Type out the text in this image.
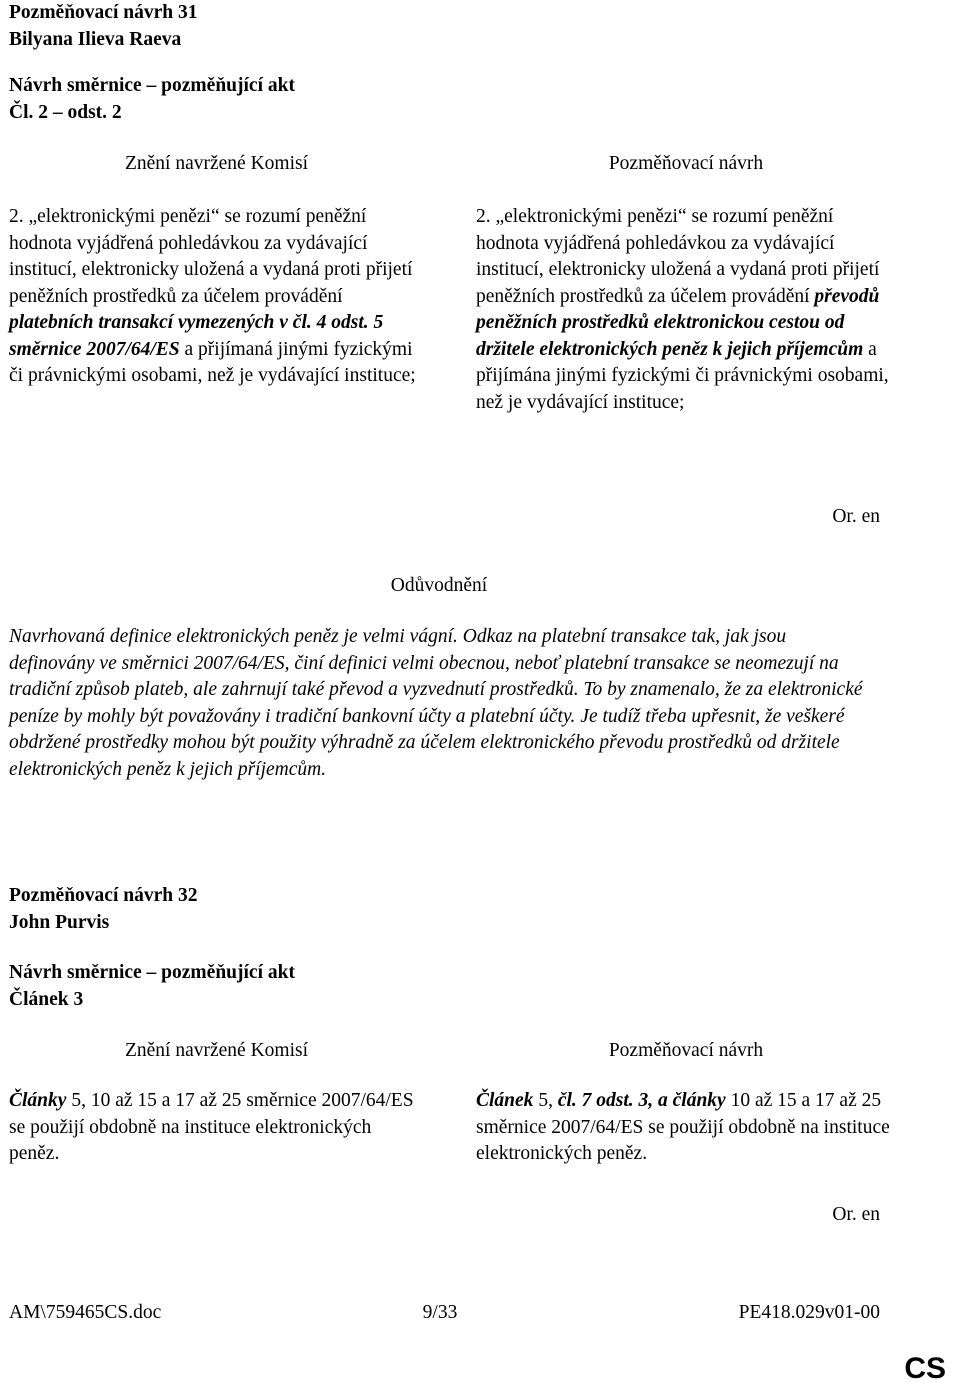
Pozměňovací návrh 31
Bilyana Ilieva Raeva
Návrh směrnice – pozměňující akt
Čl. 2 – odst. 2
Znění navržené Komisí	Pozměňovací návrh
2. „elektronickými penězi“ se rozumí peněžní hodnota vyjádřená pohledávkou za vydávající institucí, elektronicky uložená a vydaná proti přijetí peněžních prostředků za účelem provádění platebních transakcí vymezených v čl. 4 odst. 5 směrnice 2007/64/ES a přijímaná jinými fyzickými či právnickými osobami, než je vydávající instituce;
2. „elektronickými penězi“ se rozumí peněžní hodnota vyjádřená pohledávkou za vydávající institucí, elektronicky uložená a vydaná proti přijetí peněžních prostředků za účelem provádění převodů peněžních prostředků elektronickou cestou od držitele elektronických peněz k jejich příjemcům a přijímána jinými fyzickými či právnickými osobami, než je vydávající instituce;
Or. en
Odůvodnění
Navrhovaná definice elektronických peněz je velmi vágní. Odkaz na platební transakce tak, jak jsou definovány ve směrnici 2007/64/ES, činí definici velmi obecnou, neboť platební transakce se neomezují na tradiční způsob plateb, ale zahrnují také převod a vyzvednutí prostředků. To by znamenalo, že za elektronické peníze by mohly být považovány i tradiční bankovní účty a platební účty. Je tudíž třeba upřesnit, že veškeré obdržené prostředky mohou být použity výhradně za účelem elektronického převodu prostředků od držitele elektronických peněz k jejich příjemcům.
Pozměňovací návrh 32
John Purvis
Návrh směrnice – pozměňující akt
Článek 3
Znění navržené Komisí	Pozměňovací návrh
Články 5, 10 až 15 a 17 až 25 směrnice 2007/64/ES se použijí obdobně na instituce elektronických peněz.
Článek 5, čl. 7 odst. 3, a články 10 až 15 a 17 až 25 směrnice 2007/64/ES se použijí obdobně na instituce elektronických peněz.
Or. en
AM\759465CS.doc	9/33	PE418.029v01-00
CS
